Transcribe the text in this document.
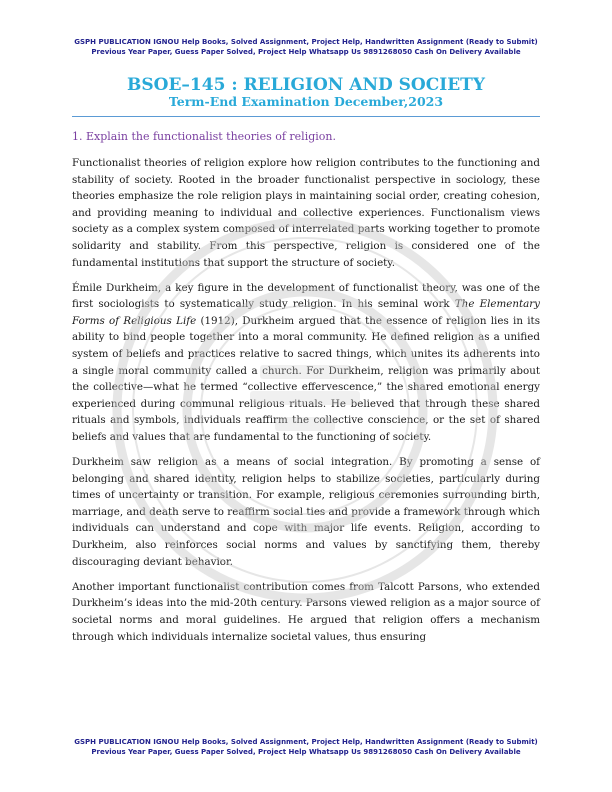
GSPH PUBLICATION IGNOU Help Books, Solved Assignment, Project Help, Handwritten Assignment (Ready to Submit)
Previous Year Paper, Guess Paper Solved, Project Help Whatsapp Us 9891268050 Cash On Delivery Available
BSOE–145 : RELIGION AND SOCIETY
Term-End Examination December,2023
1. Explain the functionalist theories of religion.

Functionalist theories of religion explore how religion contributes to the functioning and stability of society. Rooted in the broader functionalist perspective in sociology, these theories emphasize the role religion plays in maintaining social order, creating cohesion, and providing meaning to individual and collective experiences. Functionalism views society as a complex system composed of interrelated parts working together to promote solidarity and stability. From this perspective, religion is considered one of the fundamental institutions that support the structure of society.

Émile Durkheim, a key figure in the development of functionalist theory, was one of the first sociologists to systematically study religion. In his seminal work The Elementary Forms of Religious Life (1912), Durkheim argued that the essence of religion lies in its ability to bind people together into a moral community. He defined religion as a unified system of beliefs and practices relative to sacred things, which unites its adherents into a single moral community called a church. For Durkheim, religion was primarily about the collective—what he termed “collective effervescence,” the shared emotional energy experienced during communal religious rituals. He believed that through these shared rituals and symbols, individuals reaffirm the collective conscience, or the set of shared beliefs and values that are fundamental to the functioning of society.

Durkheim saw religion as a means of social integration. By promoting a sense of belonging and shared identity, religion helps to stabilize societies, particularly during times of uncertainty or transition. For example, religious ceremonies surrounding birth, marriage, and death serve to reaffirm social ties and provide a framework through which individuals can understand and cope with major life events. Religion, according to Durkheim, also reinforces social norms and values by sanctifying them, thereby discouraging deviant behavior.

Another important functionalist contribution comes from Talcott Parsons, who extended Durkheim’s ideas into the mid-20th century. Parsons viewed religion as a major source of societal norms and moral guidelines. He argued that religion offers a mechanism through which individuals internalize societal values, thus ensuring

GSPH PUBLICATION IGNOU Help Books, Solved Assignment, Project Help, Handwritten Assignment (Ready to Submit)
Previous Year Paper, Guess Paper Solved, Project Help Whatsapp Us 9891268050 Cash On Delivery Available
